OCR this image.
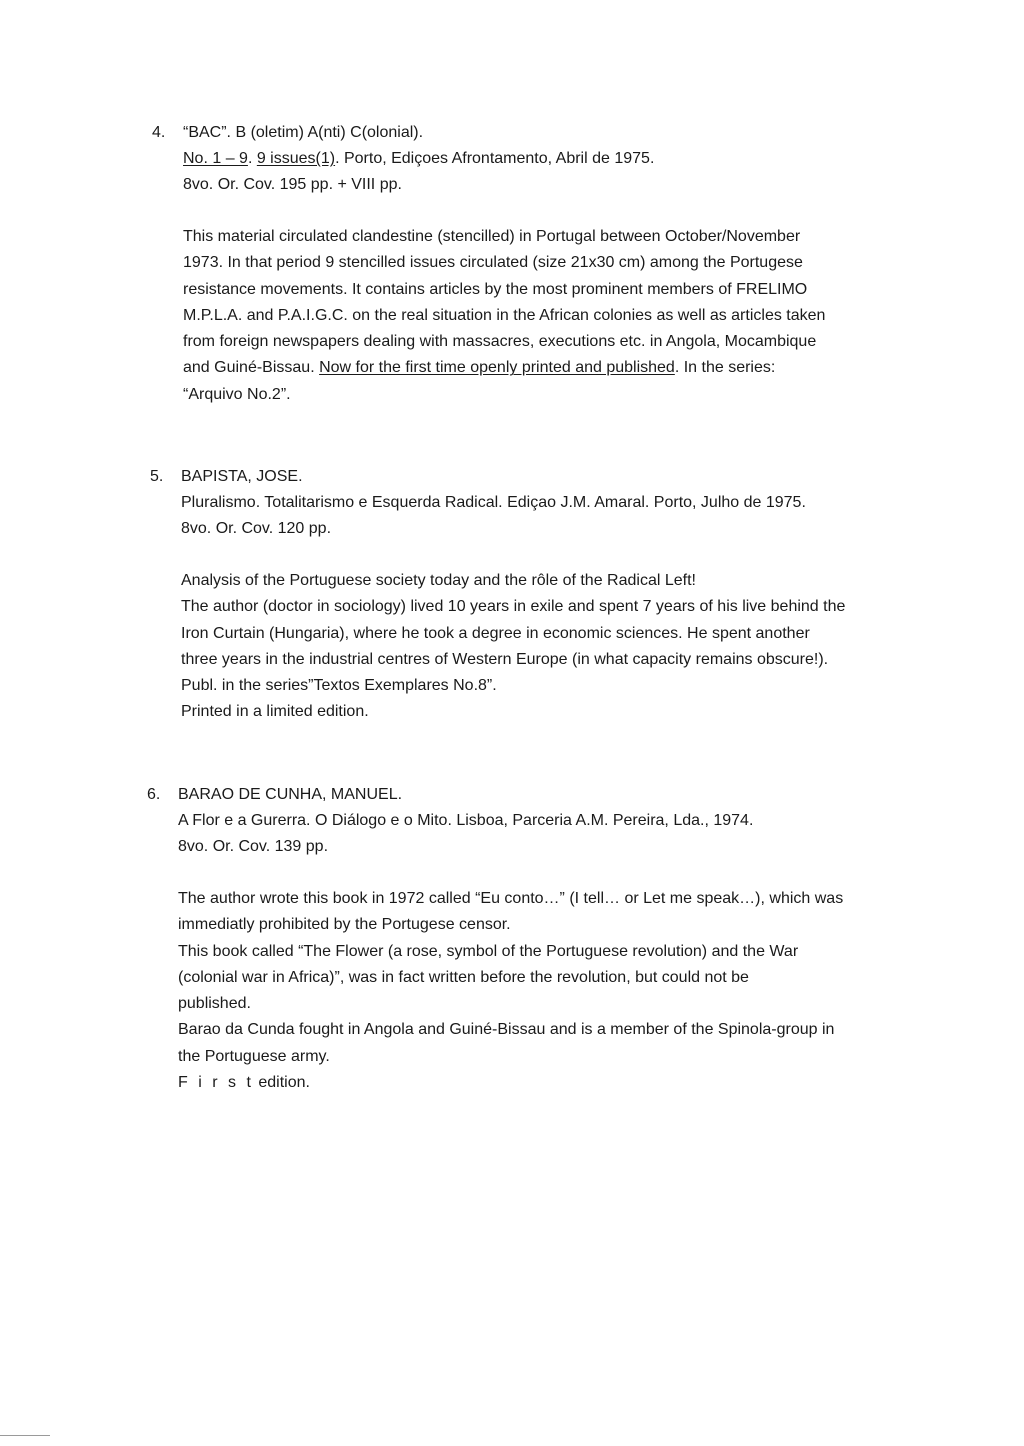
4. “BAC”. B (oletim) A(nti) C(olonial).
No. 1 – 9. 9 issues(1). Porto, Ediçoes Afrontamento, Abril de 1975.
8vo. Or. Cov. 195 pp. + VIII pp.
This material circulated clandestine (stencilled) in Portugal between October/November
1973. In that period 9 stencilled issues circulated (size 21x30 cm) among the Portugese
resistance movements. It contains articles by the most prominent members of FRELIMO
M.P.L.A. and P.A.I.G.C. on the real situation in the African colonies as well as articles taken
from foreign newspapers dealing with massacres, executions etc. in Angola, Mocambique
and Guiné-Bissau. Now for the first time openly printed and published. In the series:
“Arquivo No.2”.
5. BAPISTA, JOSE.
Pluralismo. Totalitarismo e Esquerda Radical. Ediçao J.M. Amaral. Porto, Julho de 1975.
8vo. Or. Cov. 120 pp.
Analysis of the Portuguese society today and the rôle of the Radical Left!
The author (doctor in sociology) lived 10 years in exile and spent 7 years of his live behind the
Iron Curtain (Hungaria), where he took a degree in economic sciences. He spent another
three years in the industrial centres of Western Europe (in what capacity remains obscure!).
Publ. in the series”Textos Exemplares No.8”.
Printed in a limited edition.
6. BARAO DE CUNHA, MANUEL.
A Flor e a Gurerra. O Diálogo e o Mito. Lisboa, Parceria A.M. Pereira, Lda., 1974.
8vo. Or. Cov. 139 pp.
The author wrote this book in 1972 called “Eu conto…” (I tell… or Let me speak…), which was
immediatly prohibited by the Portugese censor.
This book called “The Flower (a rose, symbol of the Portuguese revolution) and the War
(colonial war in Africa)”, was in fact written before the revolution, but could not be
published.
Barao da Cunda fought in Angola and Guiné-Bissau and is a member of the Spinola-group in
the Portuguese army.
F i r s t edition.
